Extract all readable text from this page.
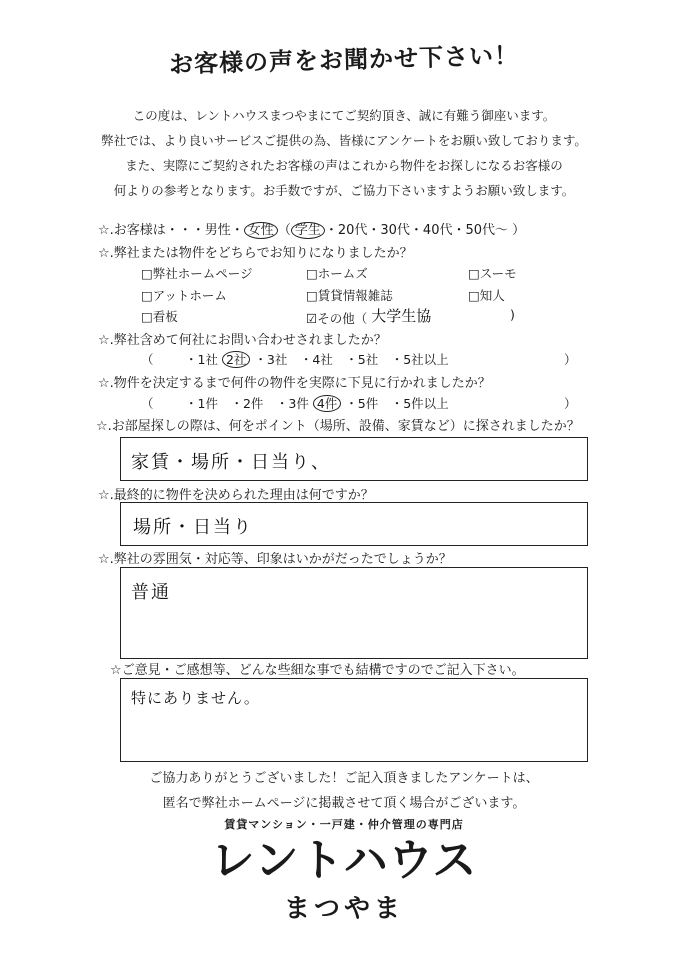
お客様の声をお聞かせ下さい！
この度は、レントハウスまつやまにてご契約頂き、誠に有難う御座います。
弊社では、より良いサービスご提供の為、皆様にアンケートをお願い致しております。
また、実際にご契約されたお客様の声はこれから物件をお探しになるお客様の
何よりの参考となります。お手数ですが、ご協力下さいますようお願い致します。
☆.お客様は・・・男性・ 女性 （ 学生 ・20代・30代・40代・50代〜 ）
☆.弊社または物件をどちらでお知りになりましたか？
□弊社ホームページ	□ホームズ	□スーモ
□アットホーム	□賃貸情報雑誌	□知人
□看板	☑その他（ 大学生協	)
☆.弊社含めて何社にお問い合わせされましたか？
（	・1社 2社 ・3社　・4社　・5社　・5社以上	）
☆.物件を決定するまで何件の物件を実際に下見に行かれましたか？
（	・1件　・2件　・3件 4件 ・5件　・5件以上	）
☆.お部屋探しの際は、何をポイント（場所、設備、家賃など）に探されましたか？
家賃・場所・日当り、
☆.最終的に物件を決められた理由は何ですか？
場所・日当り
☆.弊社の雰囲気・対応等、印象はいかがだったでしょうか？
普通
☆ご意見・ご感想等、どんな些細な事でも結構ですのでご記入下さい。
特にありません。
ご協力ありがとうございました！ご記入頂きましたアンケートは、
匿名で弊社ホームページに掲載させて頂く場合がございます。
賃貸マンション・一戸建・仲介管理の専門店
レントハウス
まつやま
